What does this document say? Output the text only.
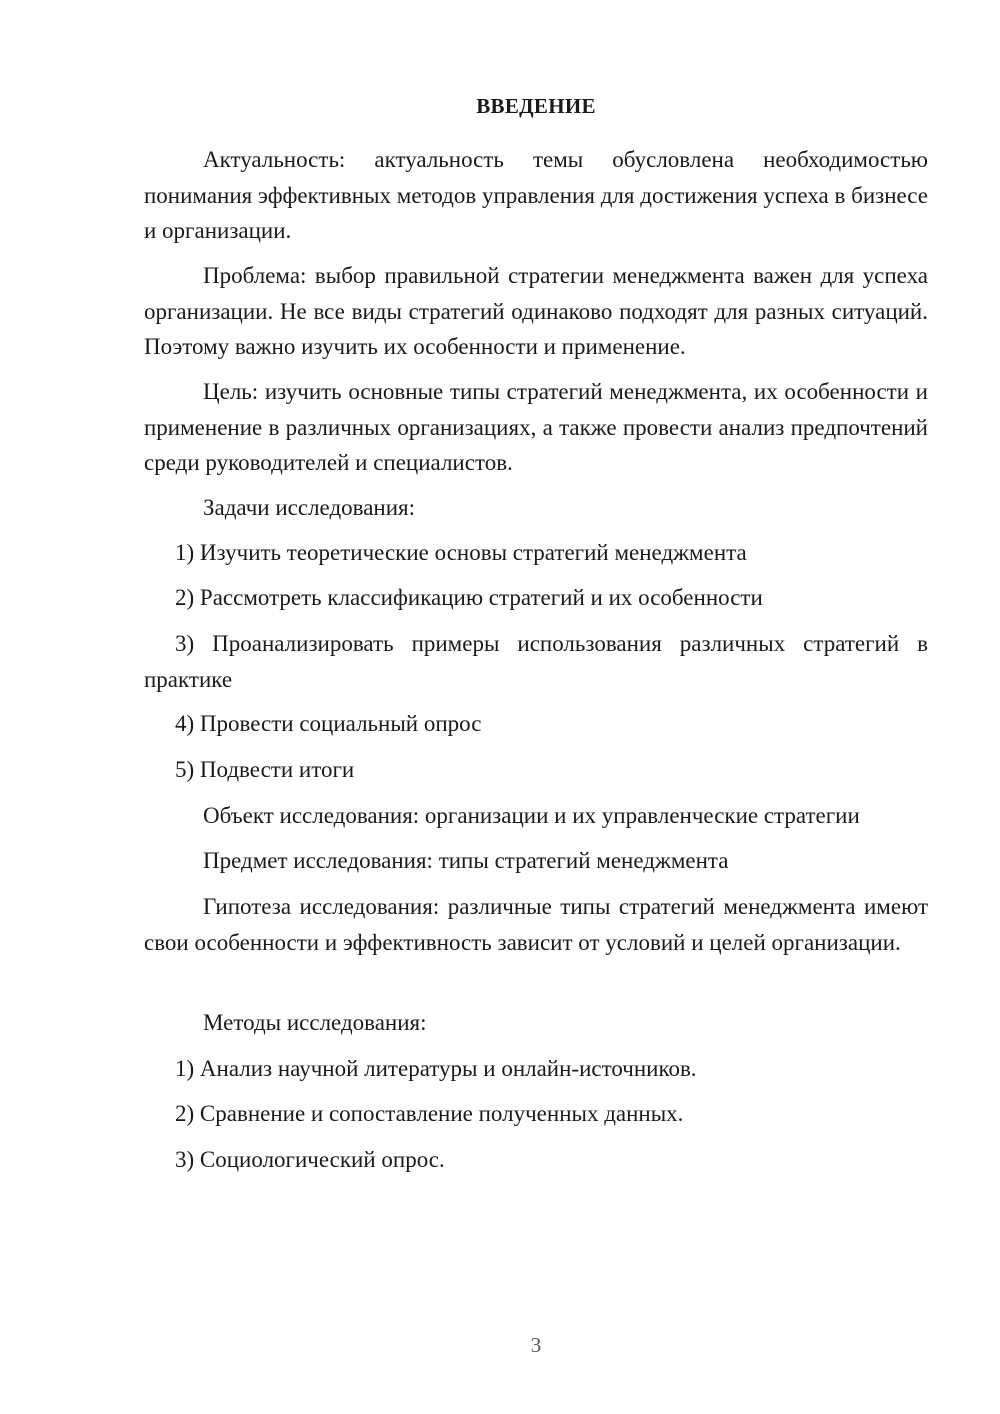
ВВЕДЕНИЕ

Актуальность: актуальность темы обусловлена необходимостью понимания эффективных методов управления для достижения успеха в бизнесе и организации.

Проблема: выбор правильной стратегии менеджмента важен для успеха организации. Не все виды стратегий одинаково подходят для разных ситуаций. Поэтому важно изучить их особенности и применение.

Цель: изучить основные типы стратегий менеджмента, их особенности и применение в различных организациях, а также провести анализ предпочтений среди руководителей и специалистов.

Задачи исследования:

1) Изучить теоретические основы стратегий менеджмента

2) Рассмотреть классификацию стратегий и их особенности

3) Проанализировать примеры использования различных стратегий в практике

4) Провести социальный опрос

5) Подвести итоги

Объект исследования: организации и их управленческие стратегии

Предмет исследования: типы стратегий менеджмента

Гипотеза исследования: различные типы стратегий менеджмента имеют свои особенности и эффективность зависит от условий и целей организации.

Методы исследования:

1) Анализ научной литературы и онлайн-источников.

2) Сравнение и сопоставление полученных данных.

3) Социологический опрос.

3
